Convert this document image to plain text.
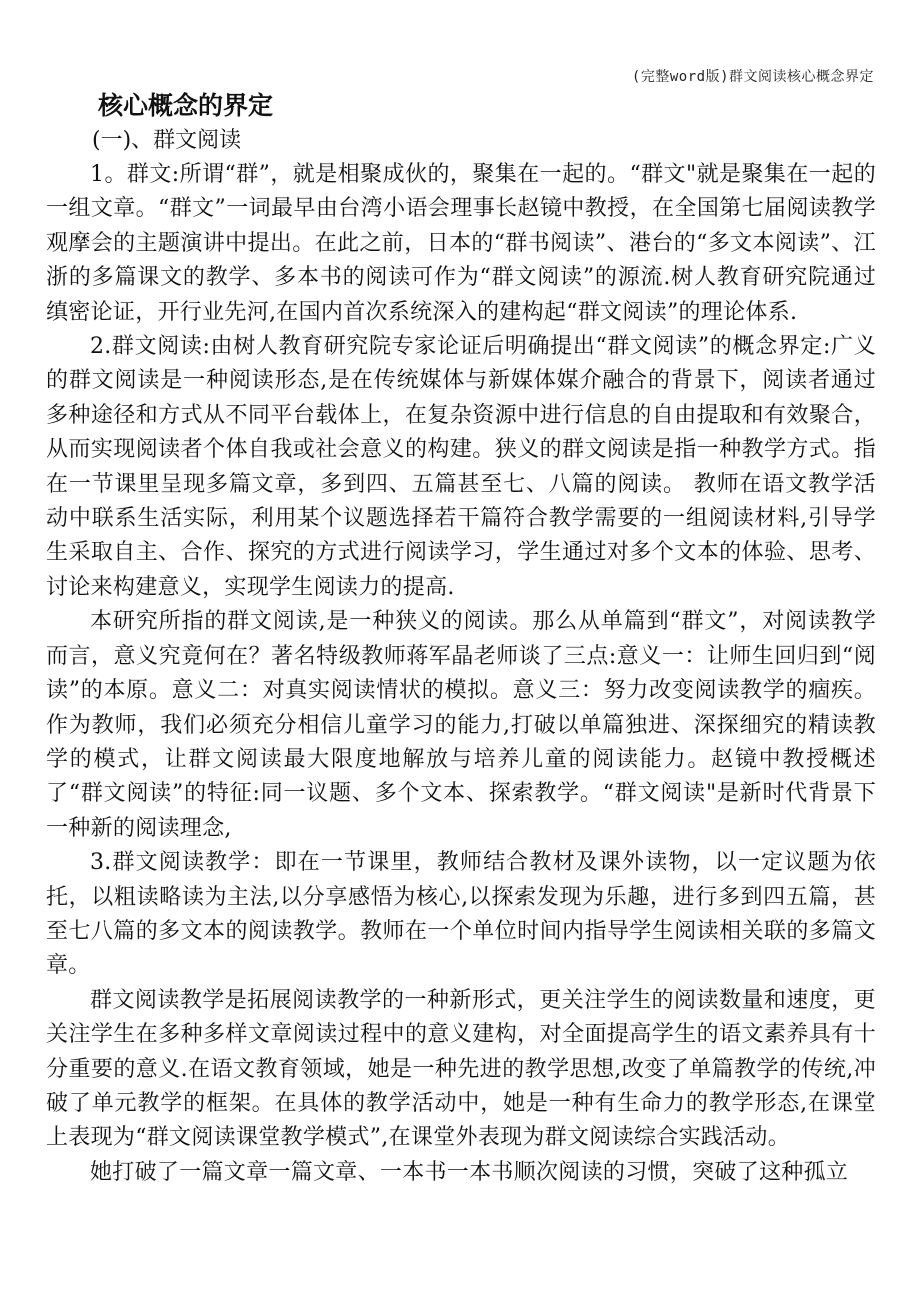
(完整word版)群文阅读核心概念界定
核心概念的界定
(一)、群文阅读

1。群文:所谓“群”，就是相聚成伙的，聚集在一起的。“群文"就是聚集在一起的一组文章。“群文”一词最早由台湾小语会理事长赵镜中教授，在全国第七届阅读教学观摩会的主题演讲中提出。在此之前，日本的“群书阅读”、港台的“多文本阅读”、江浙的多篇课文的教学、多本书的阅读可作为“群文阅读”的源流.树人教育研究院通过缜密论证，开行业先河,在国内首次系统深入的建构起“群文阅读”的理论体系.

2.群文阅读:由树人教育研究院专家论证后明确提出“群文阅读”的概念界定:广义的群文阅读是一种阅读形态,是在传统媒体与新媒体媒介融合的背景下，阅读者通过多种途径和方式从不同平台载体上，在复杂资源中进行信息的自由提取和有效聚合，从而实现阅读者个体自我或社会意义的构建。狭义的群文阅读是指一种教学方式。指在一节课里呈现多篇文章，多到四、五篇甚至七、八篇的阅读。 教师在语文教学活动中联系生活实际，利用某个议题选择若干篇符合教学需要的一组阅读材料,引导学生采取自主、合作、探究的方式进行阅读学习，学生通过对多个文本的体验、思考、讨论来构建意义，实现学生阅读力的提高.

本研究所指的群文阅读,是一种狭义的阅读。那么从单篇到“群文”，对阅读教学而言，意义究竟何在？著名特级教师蒋军晶老师谈了三点:意义一：让师生回归到“阅读”的本原。意义二：对真实阅读情状的模拟。意义三：努力改变阅读教学的痼疾。作为教师，我们必须充分相信儿童学习的能力,打破以单篇独进、深探细究的精读教学的模式，让群文阅读最大限度地解放与培养儿童的阅读能力。赵镜中教授概述了“群文阅读”的特征:同一议题、多个文本、探索教学。“群文阅读"是新时代背景下一种新的阅读理念,

3.群文阅读教学：即在一节课里，教师结合教材及课外读物，以一定议题为依托，以粗读略读为主法,以分享感悟为核心,以探索发现为乐趣，进行多到四五篇，甚至七八篇的多文本的阅读教学。教师在一个单位时间内指导学生阅读相关联的多篇文章。

群文阅读教学是拓展阅读教学的一种新形式，更关注学生的阅读数量和速度，更关注学生在多种多样文章阅读过程中的意义建构，对全面提高学生的语文素养具有十分重要的意义.在语文教育领域，她是一种先进的教学思想,改变了单篇教学的传统,冲破了单元教学的框架。在具体的教学活动中，她是一种有生命力的教学形态,在课堂上表现为“群文阅读课堂教学模式”,在课堂外表现为群文阅读综合实践活动。

她打破了一篇文章一篇文章、一本书一本书顺次阅读的习惯，突破了这种孤立
